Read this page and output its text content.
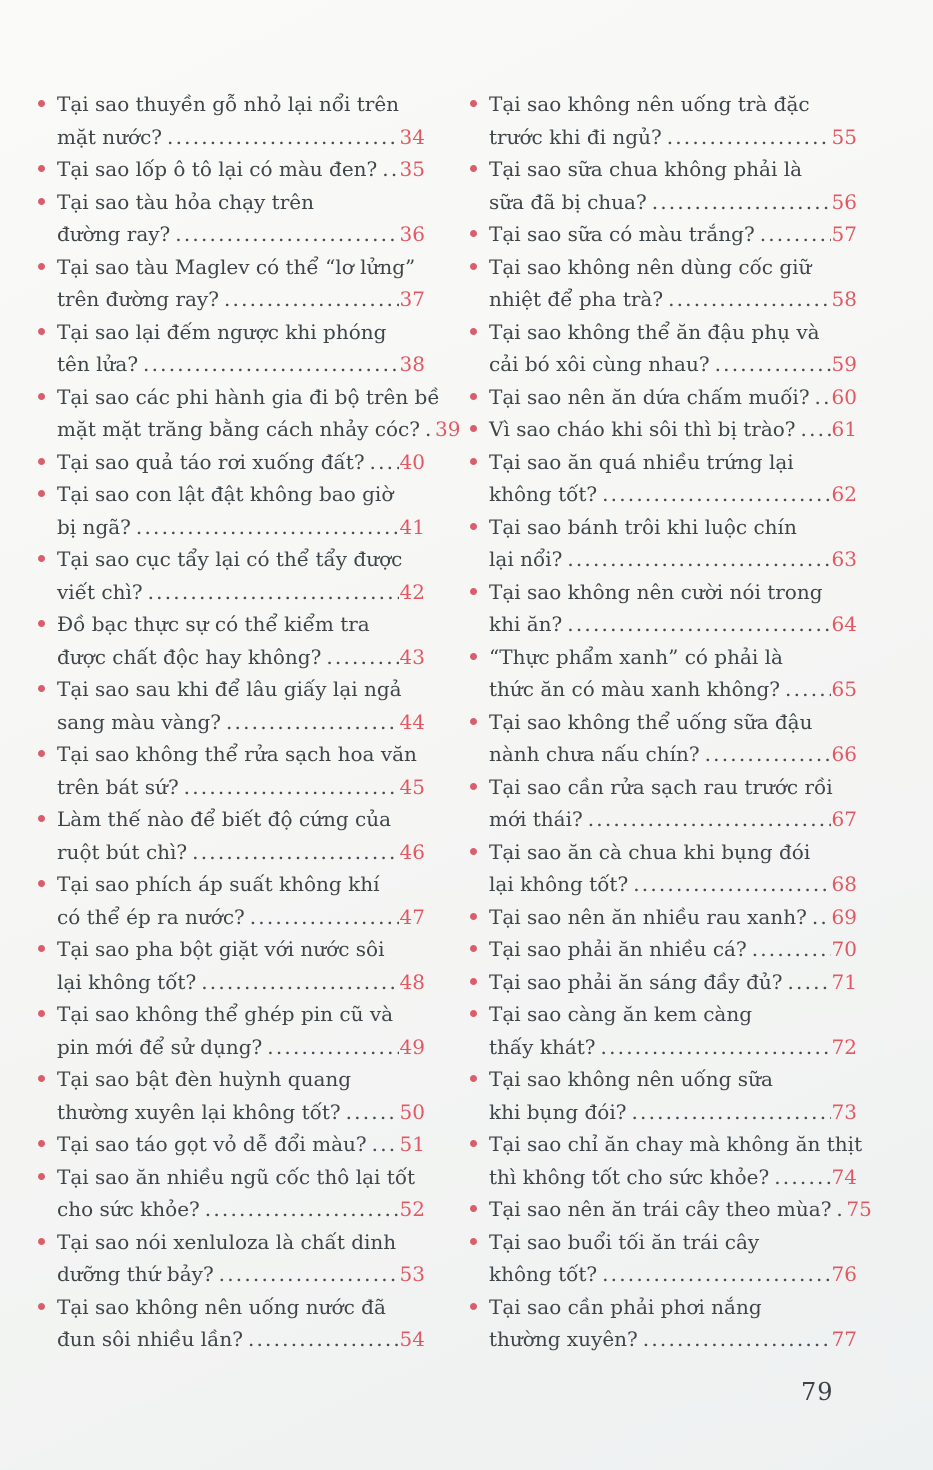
Tại sao thuyền gỗ nhỏ lại nổi trên
mặt nước? .....	34
Tại sao lốp ô tô lại có màu đen? ..... 35
Tại sao tàu hỏa chạy trên
đường ray? .....	36
Tại sao tàu Maglev có thể “lơ lửng”
trên đường ray? .....	37
Tại sao lại đếm ngược khi phóng
tên lửa? .....	38
Tại sao các phi hành gia đi bộ trên bề
mặt mặt trăng bằng cách nhảy cóc? ..... 39
Tại sao quả táo rơi xuống đất? ..... 40
Tại sao con lật đật không bao giờ
bị ngã? .....	41
Tại sao cục tẩy lại có thể tẩy được
viết chì? .....	42
Đồ bạc thực sự có thể kiểm tra
được chất độc hay không? .....	43
Tại sao sau khi để lâu giấy lại ngả
sang màu vàng? .....	44
Tại sao không thể rửa sạch hoa văn
trên bát sứ? .....	45
Làm thế nào để biết độ cứng của
ruột bút chì? .....	46
Tại sao phích áp suất không khí
có thể ép ra nước? .....	47
Tại sao pha bột giặt với nước sôi
lại không tốt? .....	48
Tại sao không thể ghép pin cũ và
pin mới để sử dụng? .....	49
Tại sao bật đèn huỳnh quang
thường xuyên lại không tốt? .....	50
Tại sao táo gọt vỏ dễ đổi màu? ..... 51
Tại sao ăn nhiều ngũ cốc thô lại tốt
cho sức khỏe? .....	52
Tại sao nói xenluloza là chất dinh
dưỡng thứ bảy? .....	53
Tại sao không nên uống nước đã
đun sôi nhiều lần? .....	54
Tại sao không nên uống trà đặc
trước khi đi ngủ? .....	55
Tại sao sữa chua không phải là
sữa đã bị chua? .....	56
Tại sao sữa có màu trắng? .....	57
Tại sao không nên dùng cốc giữ
nhiệt để pha trà? .....	58
Tại sao không thể ăn đậu phụ và
cải bó xôi cùng nhau? .....	59
Tại sao nên ăn dứa chấm muối? ..... 60
Vì sao cháo khi sôi thì bị trào? ..... 61
Tại sao ăn quá nhiều trứng lại
không tốt? .....	62
Tại sao bánh trôi khi luộc chín
lại nổi? .....	63
Tại sao không nên cười nói trong
khi ăn? .....	64
“Thực phẩm xanh” có phải là
thức ăn có màu xanh không? .....	65
Tại sao không thể uống sữa đậu
nành chưa nấu chín? .....	66
Tại sao cần rửa sạch rau trước rồi
mới thái? .....	67
Tại sao ăn cà chua khi bụng đói
lại không tốt? .....	68
Tại sao nên ăn nhiều rau xanh? ..... 69
Tại sao phải ăn nhiều cá? .....	70
Tại sao phải ăn sáng đầy đủ? ..... 71
Tại sao càng ăn kem càng
thấy khát? .....	72
Tại sao không nên uống sữa
khi bụng đói? .....	73
Tại sao chỉ ăn chay mà không ăn thịt
thì không tốt cho sức khỏe? .....	74
Tại sao nên ăn trái cây theo mùa? ..... 75
Tại sao buổi tối ăn trái cây
không tốt? .....	76
Tại sao cần phải phơi nắng
thường xuyên? .....	77
79
